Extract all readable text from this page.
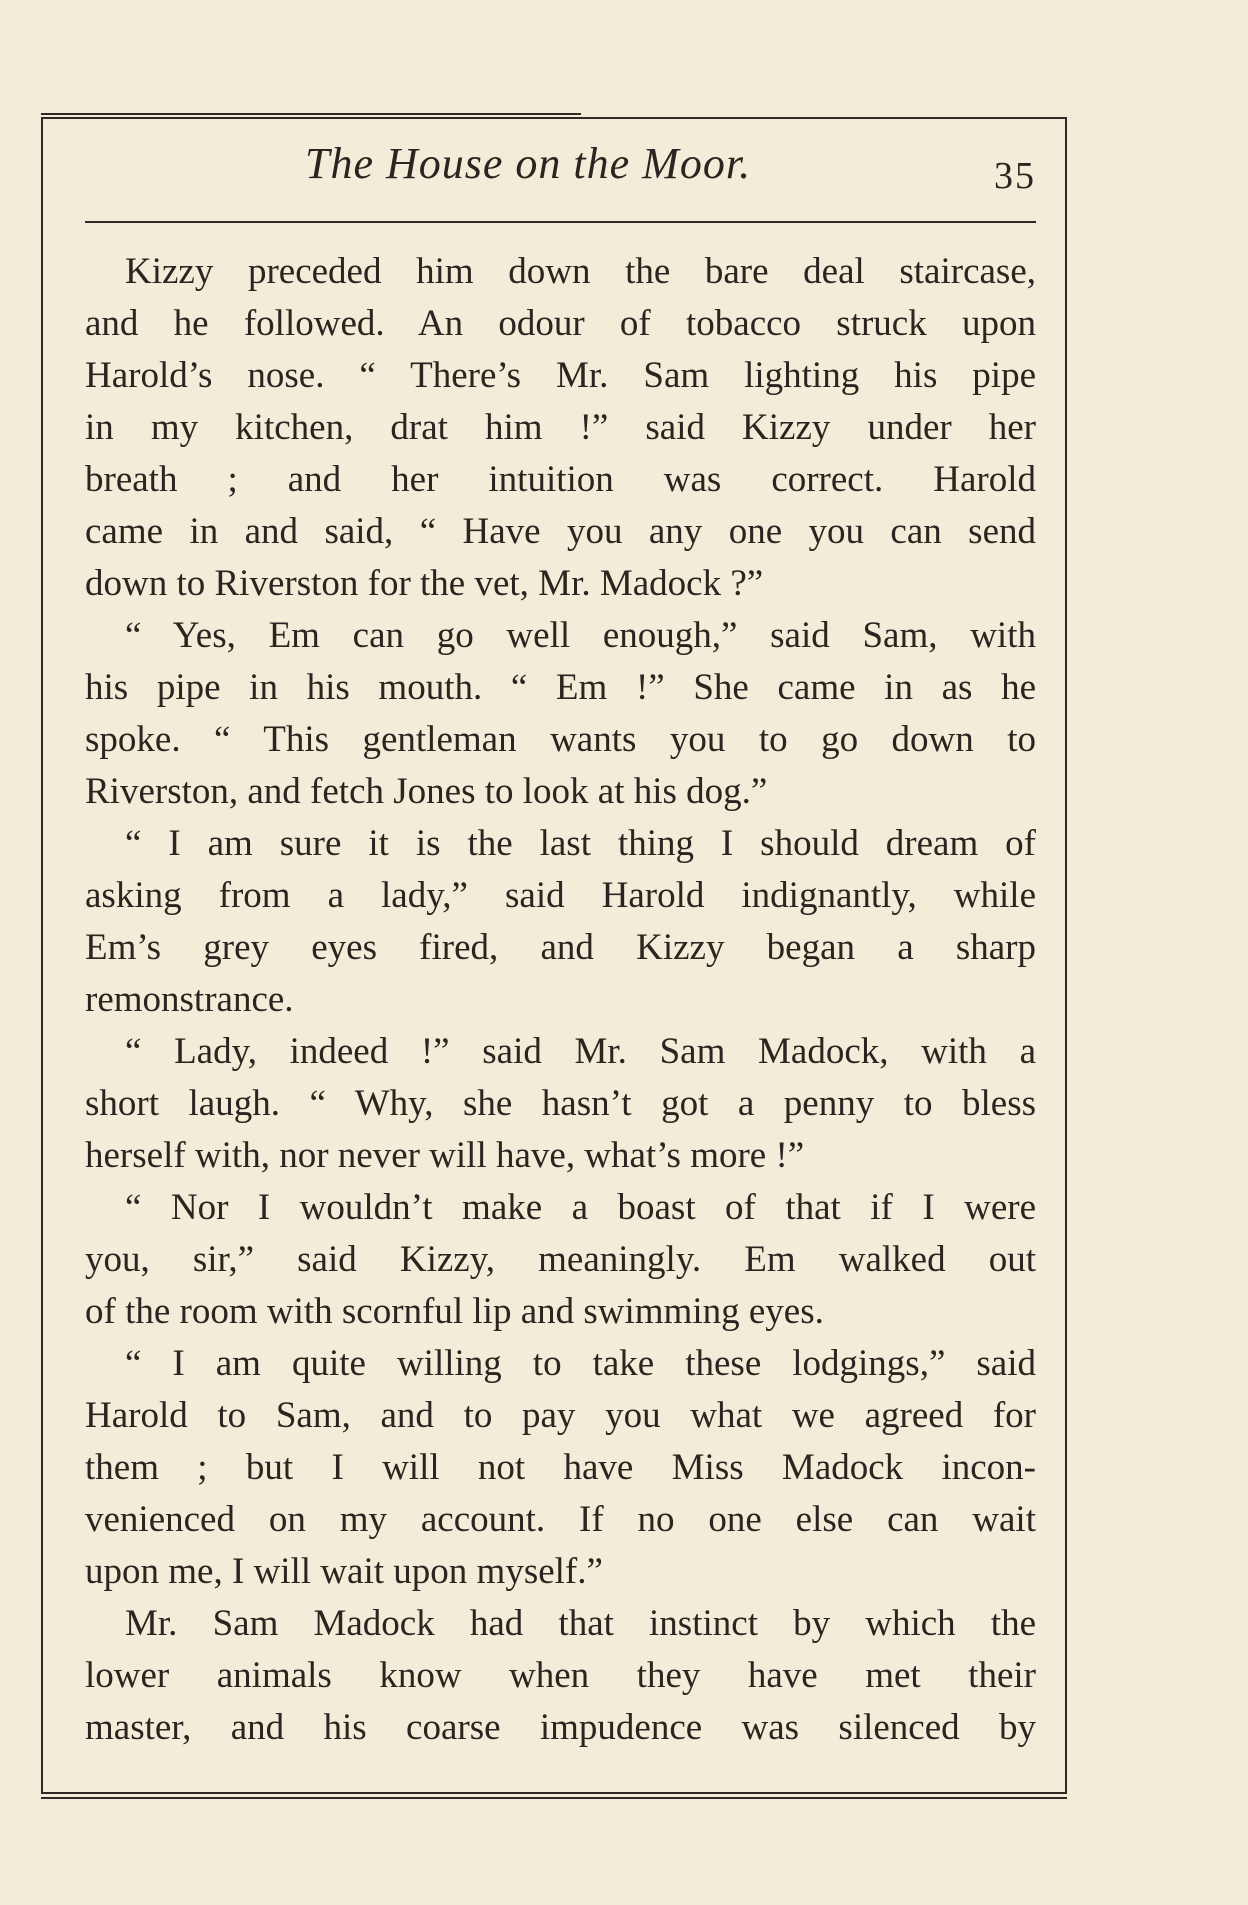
The House on the Moor.	35
Kizzy preceded him down the bare deal staircase,
and he followed. An odour of tobacco struck upon
Harold’s nose. “ There’s Mr. Sam lighting his pipe
in my kitchen, drat him !” said Kizzy under her
breath ; and her intuition was correct. Harold
came in and said, “ Have you any one you can send
down to Riverston for the vet, Mr. Madock ?”
“ Yes, Em can go well enough,” said Sam, with
his pipe in his mouth. “ Em !” She came in as he
spoke. “ This gentleman wants you to go down to
Riverston, and fetch Jones to look at his dog.”
“ I am sure it is the last thing I should dream of
asking from a lady,” said Harold indignantly, while
Em’s grey eyes fired, and Kizzy began a sharp
remonstrance.
“ Lady, indeed !” said Mr. Sam Madock, with a
short laugh. “ Why, she hasn’t got a penny to bless
herself with, nor never will have, what’s more !”
“ Nor I wouldn’t make a boast of that if I were
you, sir,” said Kizzy, meaningly. Em walked out
of the room with scornful lip and swimming eyes.
“ I am quite willing to take these lodgings,” said
Harold to Sam, and to pay you what we agreed for
them ; but I will not have Miss Madock incon-
venienced on my account. If no one else can wait
upon me, I will wait upon myself.”
Mr. Sam Madock had that instinct by which the
lower animals know when they have met their
master, and his coarse impudence was silenced by
